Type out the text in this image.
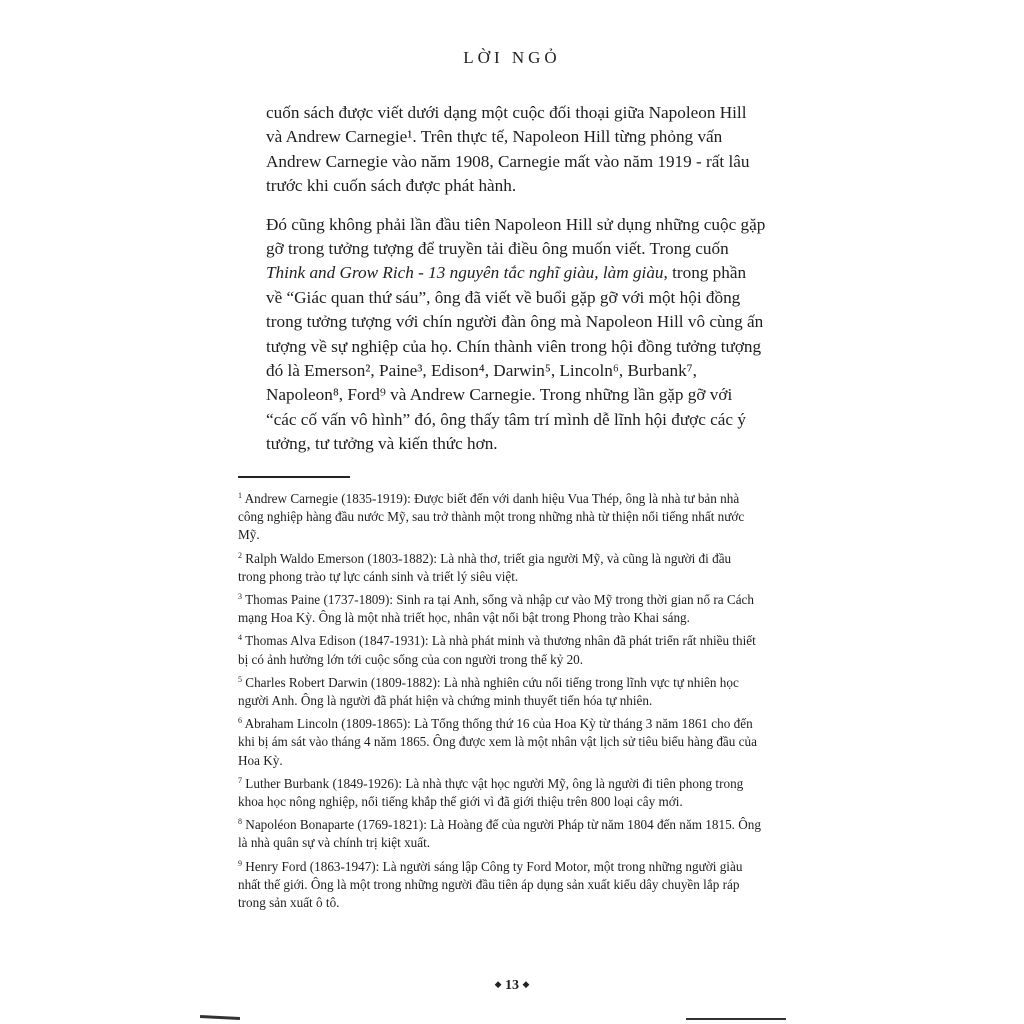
LỜI NGỎ

cuốn sách được viết dưới dạng một cuộc đối thoại giữa Napoleon Hill và Andrew Carnegie¹. Trên thực tế, Napoleon Hill từng phỏng vấn Andrew Carnegie vào năm 1908, Carnegie mất vào năm 1919 - rất lâu trước khi cuốn sách được phát hành.

Đó cũng không phải lần đầu tiên Napoleon Hill sử dụng những cuộc gặp gỡ trong tưởng tượng để truyền tải điều ông muốn viết. Trong cuốn Think and Grow Rich - 13 nguyên tắc nghĩ giàu, làm giàu, trong phần về “Giác quan thứ sáu”, ông đã viết về buổi gặp gỡ với một hội đồng trong tưởng tượng với chín người đàn ông mà Napoleon Hill vô cùng ấn tượng về sự nghiệp của họ. Chín thành viên trong hội đồng tưởng tượng đó là Emerson², Paine³, Edison⁴, Darwin⁵, Lincoln⁶, Burbank⁷, Napoleon⁸, Ford⁹ và Andrew Carnegie. Trong những lần gặp gỡ với “các cố vấn vô hình” đó, ông thấy tâm trí mình dễ lĩnh hội được các ý tưởng, tư tưởng và kiến thức hơn.

$^1$ Andrew Carnegie (1835-1919): Được biết đến với danh hiệu Vua Thép, ông là nhà tư bản nhà công nghiệp hàng đầu nước Mỹ, sau trở thành một trong những nhà từ thiện nổi tiếng nhất nước Mỹ.
$^2$ Ralph Waldo Emerson (1803-1882): Là nhà thơ, triết gia người Mỹ, và cũng là người đi đầu trong phong trào tự lực cánh sinh và triết lý siêu việt.
$^3$ Thomas Paine (1737-1809): Sinh ra tại Anh, sống và nhập cư vào Mỹ trong thời gian nổ ra Cách mạng Hoa Kỳ. Ông là một nhà triết học, nhân vật nổi bật trong Phong trào Khai sáng.
$^4$ Thomas Alva Edison (1847-1931): Là nhà phát minh và thương nhân đã phát triển rất nhiều thiết bị có ảnh hưởng lớn tới cuộc sống của con người trong thế kỷ 20.
$^5$ Charles Robert Darwin (1809-1882): Là nhà nghiên cứu nổi tiếng trong lĩnh vực tự nhiên học người Anh. Ông là người đã phát hiện và chứng minh thuyết tiến hóa tự nhiên.
$^6$ Abraham Lincoln (1809-1865): Là Tổng thống thứ 16 của Hoa Kỳ từ tháng 3 năm 1861 cho đến khi bị ám sát vào tháng 4 năm 1865. Ông được xem là một nhân vật lịch sử tiêu biểu hàng đầu của Hoa Kỳ.
$^7$ Luther Burbank (1849-1926): Là nhà thực vật học người Mỹ, ông là người đi tiên phong trong khoa học nông nghiệp, nổi tiếng khắp thế giới vì đã giới thiệu trên 800 loại cây mới.
$^8$ Napoléon Bonaparte (1769-1821): Là Hoàng đế của người Pháp từ năm 1804 đến năm 1815. Ông là nhà quân sự và chính trị kiệt xuất.
$^9$ Henry Ford (1863-1947): Là người sáng lập Công ty Ford Motor, một trong những người giàu nhất thế giới. Ông là một trong những người đầu tiên áp dụng sản xuất kiểu dây chuyền lắp ráp trong sản xuất ô tô.
◆ 13 ◆
